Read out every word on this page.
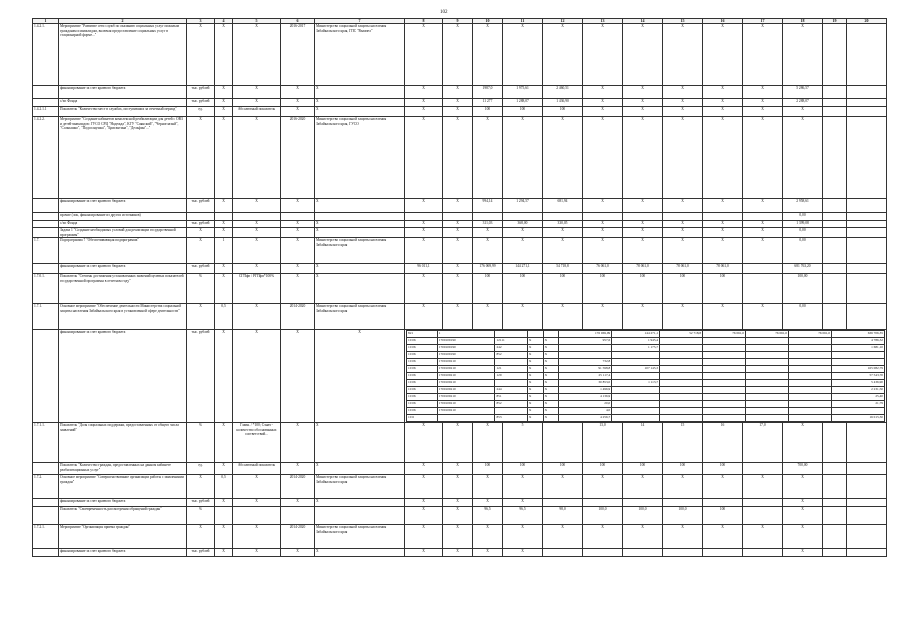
102
1	2	3	4	5	6	7	8	9	10	11	12	13	14	15	16	17	18	19	20
1.4.2.1.	Мероприятие "Развитие сети служб по оказанию социальных услуг пожилым гражданам и инвалидам, включая предоставление социальных услуг в стационарной форме..."	X	X	X	2016-2017	Министерство социальной защиты населения Забайкальского края, ГПС "Вымпел"	X	X	X	X	X	X	X	X	X	X	X		
	финансирование за счет краевого бюджета	тыс. рублей	X	X	X	X	X	X	1987,0	1 975,61	2 460,51	X	X	X	X	X	5 286,57		
	с/хп Фонда	тыс. рублей	X	X	X	X	X	X	11 277	1 288,07	1 436,90	X	X	X	X	X	2 288,07		
1.4.2.1.1	Показатель "Количество мест в службах, поступивших за отчетный период"	ед.	X	Абсолютный показатель	X	X	X	X	100	100	100	X	X	X	X	X	X		
1.4.2.2.	Мероприятие "Создание кабинетов комплексной реабилитации для детей с ОВЗ и детей-инвалидов: ГУСО СРЦ "Надежда", КГУ "Саянский", "Черноглазый", "Солнышко", "Подсолнушка", "Бригантина", "Дельфин"..."	X	X	X	2016-2020	Министерство социальной защиты населения Забайкальского края, ГУСО	X	X	X	X	X	X	X	X	X	X	X		
	финансирование за счет краевого бюджета	тыс. рублей	X	X	X	X	X	X	994,14	1 294,57	681,94	X	X	X	X	X	2 958,61		
	прочие (лок, финансирование из других источников)																0,00		
	с/хп Фонда	тыс. рублей	X	X	X	X	X	X	311,03	368,00	330,05	X	X	X	X	X	1 399,08		
	Задача 1 "Создание необходимых условий для реализации государственной программы"	X	X	X	X	X	X	X	X	X	X	X	X	X	X	X	0,00		
1.7.	Подпрограмма 7 "Обеспечивающая подпрограмма"	X	1	X	X	Министерство социальной защиты населения Забайкальского края	X	X	X	X	X	X	X	X	X	X	0,00		
	финансирование за счет краевого бюджета	тыс. рублей	X	X	X	X	96 011,1	X	176 069,99	144 271,1	54 718,8	76 061,0	78 061,0	78 061,0	78 061,0		681 763,20		
1.7.0.1.	Показатель "Степень достижения установленных значений целевых показателей государственной программы в отчетном году"	%	X	СГПфп / РГПфп*100%	X	X	X	X	100	100	100	100	100	100	100		100,00		
1.7.1.	Основное мероприятие "Обеспечение деятельности Министерства социальной защиты населения Забайкальского края в установленной сфере деятельности"	X	0,5	X	2014-2020	Министерство социальной защиты населения Забайкальского края	X	X	X	X	X	X	X	X	X	X	0,00		
	финансирование за счет краевого бюджета	тыс. рублей	X	X	X	X		821	1				176 069,99	144 271,1	52 718,8	76 061,0	76 061,0	76 061,0	636 706,35
10 06	1700109190	12111	X	X	957,6	1 945,4					4 786,32
10 06	1700109190	242	X	X		1 175,7					1 681,10
10 06	1700109190	852	X	X							
10 06	1700109210		X	X	732,8						
10 06	1700109210	121	X	X	91 598,8	107 145,3					165 082,79
10 06	1700109210	129	X	X	25 117,4						57 543,70
10 06	1700109210		X	X	30 853,0	1 113,7					5 436,90
10 06	1700109210	244	X	X	1 496,9						2 231,50
10 06	1700109210	851	X	X	4 136,9						25,40
10 06	1700109210	852	X	X	20,0						21,79
10 06	1700109210		X	X	4,0						
10 6		853	X	X	4 256,7						16 015,30

1.7.1.1.	Показатель "Доля социальных поддержки, предоставленных от общего числа заявлений"	%	X	Главн. / *100; Сзнач - количество обоснованных соответствий...	X	X	X	X	X	5		13,0	14	15	16	17,0	X		
	Показатель "Количество граждан, предоставленных на данном кабинете реабилитационных услуг"	ед.	X	Абсолютный показатель	X	X	X	X	100	100	100	100	100	100	100		700,00		
1.7.2.	Основное мероприятие "Совершенствование организации работы с заявлениями граждан"	X	0,5	X	2014-2020	Министерство социальной защиты населения Забайкальского края	X	X	X	X	X	X	X	X	X	X	X		
	финансирование за счет краевого бюджета	тыс. рублей	X	X	X	X	X	X	X	X							X		
	Показатель "Своевременность рассмотрения обращений граждан"	%					X	X	96,5	96,5	98,0	100,0	100,0	100,0	100		X		
1.7.2.1.	Мероприятие "Организация приема граждан"	X	X	X	2014-2020	Министерство социальной защиты населения Забайкальского края	X	X	X	X	X	X	X	X	X	X	X		
	финансирование за счет краевого бюджета	тыс. рублей	X	X	X	X	X	X	X	X							X		
